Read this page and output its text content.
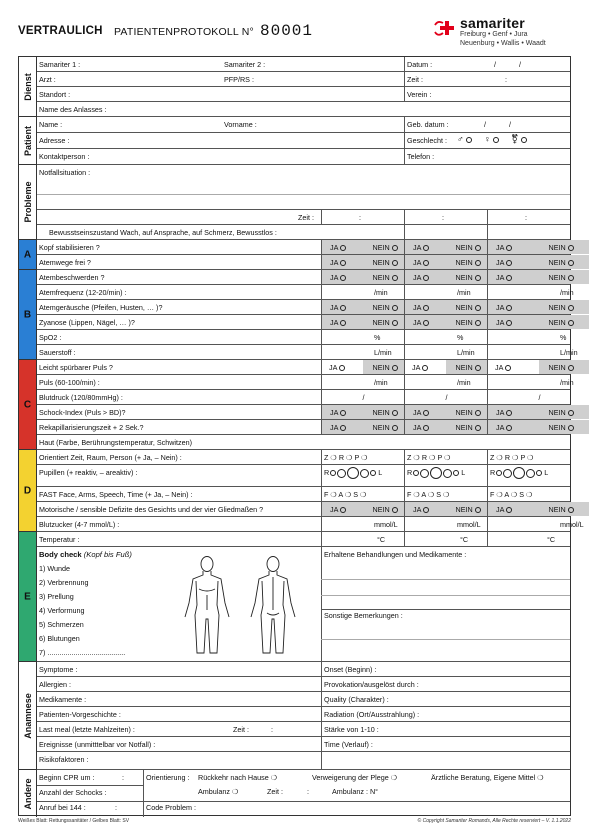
VERTRAULICH PATIENTENPROTOKOLL N° 80001	samariter
Freiburg • Genf • Jura
Neuenburg • Wallis • Waadt
Dienst
Patient
Probleme
A
B
C
D
E
Anamnese
Andere
Samariter 1 :	Samariter 2 :	Datum :	/	/
Arzt :	PFP/RS :	Zeit :	:
Standort :	Verein :
Name des Anlasses :
Name :	Vorname :	Geb. datum :	/	/
Adresse :	Geschlecht : ♂	♀	⚧
Kontaktperson :	Telefon :
Notfallsituation :
Zeit :	:	:	:
Bewusstseinszustand Wach, auf Ansprache, auf Schmerz, Bewusstlos :
Temperatur :	°C	°C	°C
Body check (Kopf bis Fuß)	Erhaltene Behandlungen und Medikamente :
Sonstige Bemerkungen :
1) Wunde
2) Verbrennung
3) Prellung
4) Verformung
5) Schmerzen
6) Blutungen
7) .......................................
Beginn CPR um :	:
Anzahl der Schocks :
Anruf bei 144 :	:
Orientierung : Rückkehr nach Hause ❍	Verweigerung der Plege ❍	Ärztliche Beratung, Eigene Mittel ❍
Ambulanz ❍	Zeit :	:	Ambulanz : N°
Code Problem :
Kopf stabilisieren ?	JA	NEIN	JA	NEIN	JA	NEIN
Atemwege frei ?	JA	NEIN	JA	NEIN	JA	NEIN
Atembeschwerden ?	JA	NEIN	JA	NEIN	JA	NEIN
Atemfrequenz (12-20/min) :	/min	/min	/min
Atemgeräusche (Pfeifen, Husten, … )?	JA	NEIN	JA	NEIN	JA	NEIN
Zyanose (Lippen, Nägel, … )?	JA	NEIN	JA	NEIN	JA	NEIN
SpO2 :	%	%	%
Sauerstoff :	L/min	L/min	L/min
Leicht spürbarer Puls ?	JA	NEIN	JA	NEIN	JA	NEIN
Puls (60-100/min) :	/min	/min	/min
Blutdruck (120/80mmHg) :	/	/	/
Schock-Index (Puls > BD)?	JA	NEIN	JA	NEIN	JA	NEIN
Rekapillarisierungszeit + 2 Sek.?	JA	NEIN	JA	NEIN	JA	NEIN
Haut (Farbe, Berührungstemperatur, Schwitzen)
Orientiert Zeit, Raum, Person (+ Ja, – Nein) :	Z ❍ R ❍ P ❍	Z ❍ R ❍ P ❍	Z ❍ R ❍ P ❍
Pupillen (+ reaktiv, – areaktiv) :	R	L	R	L	R	L
FAST Face, Arms, Speech, Time (+ Ja, – Nein) :	F ❍ A ❍ S ❍	F ❍ A ❍ S ❍	F ❍ A ❍ S ❍
Motorische / sensible Defizite des Gesichts und der vier Gliedmaßen ?	JA	NEIN	JA	NEIN	JA	NEIN
Blutzucker (4-7 mmol/L) :	mmol/L	mmol/L	mmol/L
Symptome :	Onset (Beginn) :
Allergien :	Provokation/ausgelöst durch :
Medikamente :	Quality (Charakter) :
Patienten-Vorgeschichte :	Radiation (Ort/Ausstrahlung) :
Last meal (letzte Mahlzeiten) :	Zeit :	:	Stärke von 1-10 :
Ereignisse (unmitttelbar vor Notfall) :	Time (Verlauf) :
Risikofaktoren :
Weißes Blatt: Rettungssanitäter / Gelbes Blatt: SV	© Copyright Samariter Romands, Alle Rechte reserviert – V. 1.1.2022
